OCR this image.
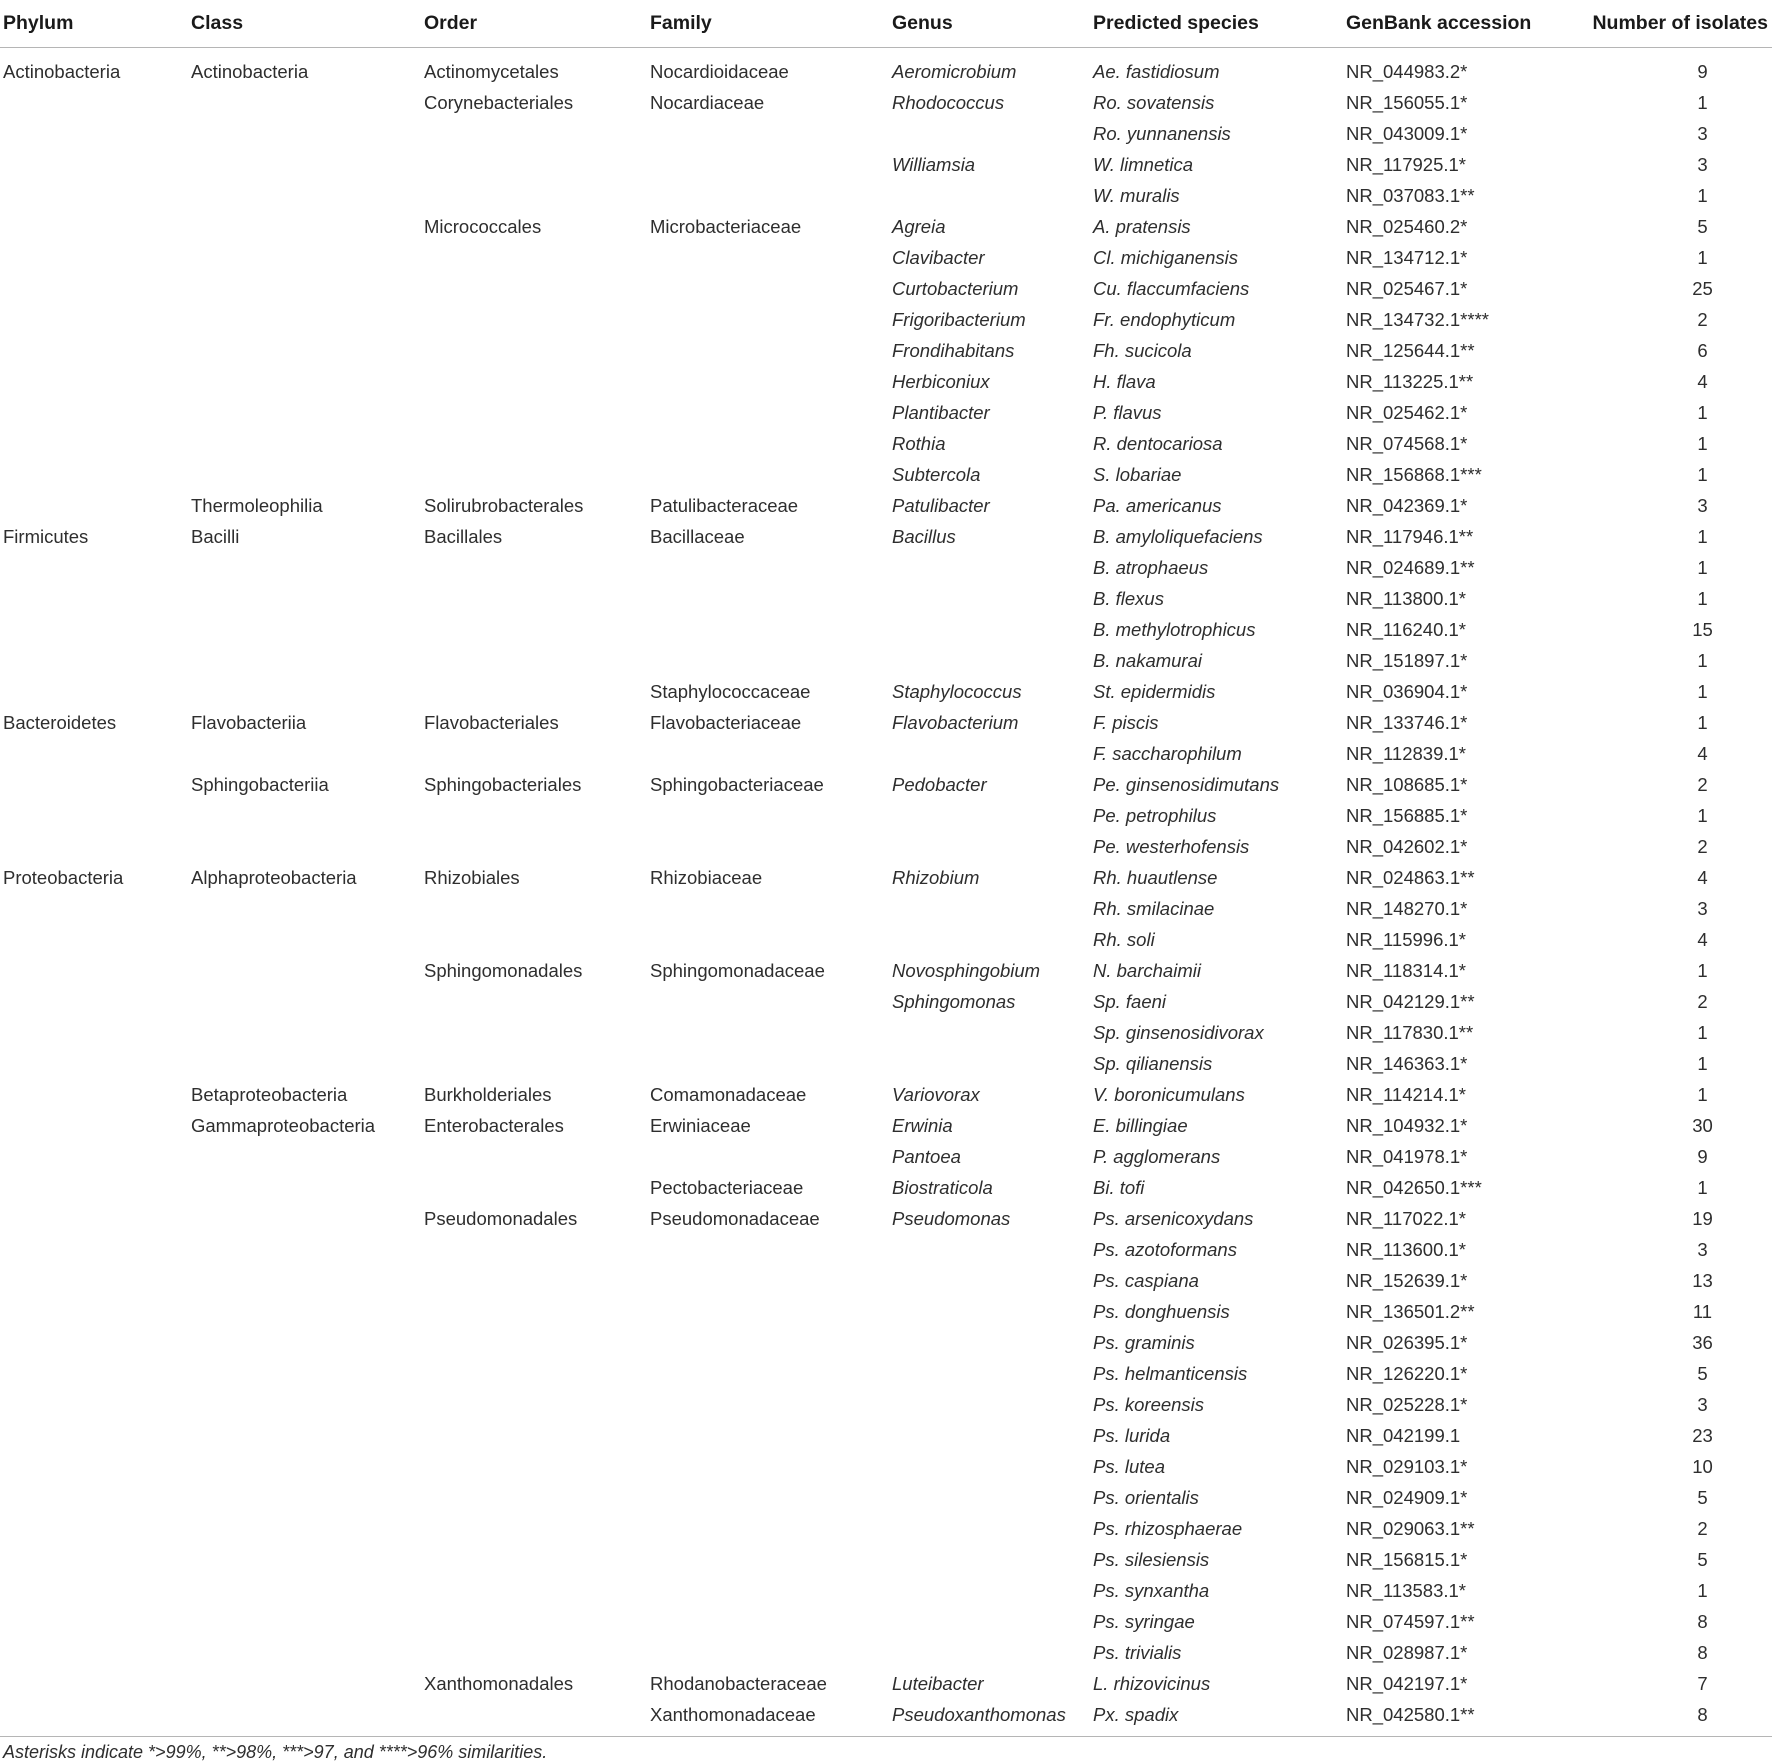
Phylum	Class	Order	Family	Genus	Predicted species	GenBank accession	Number of isolates
Actinobacteria	Actinobacteria	Actinomycetales	Nocardioidaceae	Aeromicrobium	Ae. fastidiosum	NR_044983.2*	9
		Corynebacteriales	Nocardiaceae	Rhodococcus	Ro. sovatensis	NR_156055.1*	1
					Ro. yunnanensis	NR_043009.1*	3
				Williamsia	W. limnetica	NR_117925.1*	3
					W. muralis	NR_037083.1**	1
		Micrococcales	Microbacteriaceae	Agreia	A. pratensis	NR_025460.2*	5
				Clavibacter	Cl. michiganensis	NR_134712.1*	1
				Curtobacterium	Cu. flaccumfaciens	NR_025467.1*	25
				Frigoribacterium	Fr. endophyticum	NR_134732.1****	2
				Frondihabitans	Fh. sucicola	NR_125644.1**	6
				Herbiconiux	H. flava	NR_113225.1**	4
				Plantibacter	P. flavus	NR_025462.1*	1
				Rothia	R. dentocariosa	NR_074568.1*	1
				Subtercola	S. lobariae	NR_156868.1***	1
	Thermoleophilia	Solirubrobacterales	Patulibacteraceae	Patulibacter	Pa. americanus	NR_042369.1*	3
Firmicutes	Bacilli	Bacillales	Bacillaceae	Bacillus	B. amyloliquefaciens	NR_117946.1**	1
					B. atrophaeus	NR_024689.1**	1
					B. flexus	NR_113800.1*	1
					B. methylotrophicus	NR_116240.1*	15
					B. nakamurai	NR_151897.1*	1
			Staphylococcaceae	Staphylococcus	St. epidermidis	NR_036904.1*	1
Bacteroidetes	Flavobacteriia	Flavobacteriales	Flavobacteriaceae	Flavobacterium	F. piscis	NR_133746.1*	1
					F. saccharophilum	NR_112839.1*	4
	Sphingobacteriia	Sphingobacteriales	Sphingobacteriaceae	Pedobacter	Pe. ginsenosidimutans	NR_108685.1*	2
					Pe. petrophilus	NR_156885.1*	1
					Pe. westerhofensis	NR_042602.1*	2
Proteobacteria	Alphaproteobacteria	Rhizobiales	Rhizobiaceae	Rhizobium	Rh. huautlense	NR_024863.1**	4
					Rh. smilacinae	NR_148270.1*	3
					Rh. soli	NR_115996.1*	4
		Sphingomonadales	Sphingomonadaceae	Novosphingobium	N. barchaimii	NR_118314.1*	1
				Sphingomonas	Sp. faeni	NR_042129.1**	2
					Sp. ginsenosidivorax	NR_117830.1**	1
					Sp. qilianensis	NR_146363.1*	1
	Betaproteobacteria	Burkholderiales	Comamonadaceae	Variovorax	V. boronicumulans	NR_114214.1*	1
	Gammaproteobacteria	Enterobacterales	Erwiniaceae	Erwinia	E. billingiae	NR_104932.1*	30
				Pantoea	P. agglomerans	NR_041978.1*	9
			Pectobacteriaceae	Biostraticola	Bi. tofi	NR_042650.1***	1
		Pseudomonadales	Pseudomonadaceae	Pseudomonas	Ps. arsenicoxydans	NR_117022.1*	19
					Ps. azotoformans	NR_113600.1*	3
					Ps. caspiana	NR_152639.1*	13
					Ps. donghuensis	NR_136501.2**	11
					Ps. graminis	NR_026395.1*	36
					Ps. helmanticensis	NR_126220.1*	5
					Ps. koreensis	NR_025228.1*	3
					Ps. lurida	NR_042199.1	23
					Ps. lutea	NR_029103.1*	10
					Ps. orientalis	NR_024909.1*	5
					Ps. rhizosphaerae	NR_029063.1**	2
					Ps. silesiensis	NR_156815.1*	5
					Ps. synxantha	NR_113583.1*	1
					Ps. syringae	NR_074597.1**	8
					Ps. trivialis	NR_028987.1*	8
		Xanthomonadales	Rhodanobacteraceae	Luteibacter	L. rhizovicinus	NR_042197.1*	7
			Xanthomonadaceae	Pseudoxanthomonas	Px. spadix	NR_042580.1**	8
Asterisks indicate *>99%, **>98%, ***>97, and ****>96% similarities.
